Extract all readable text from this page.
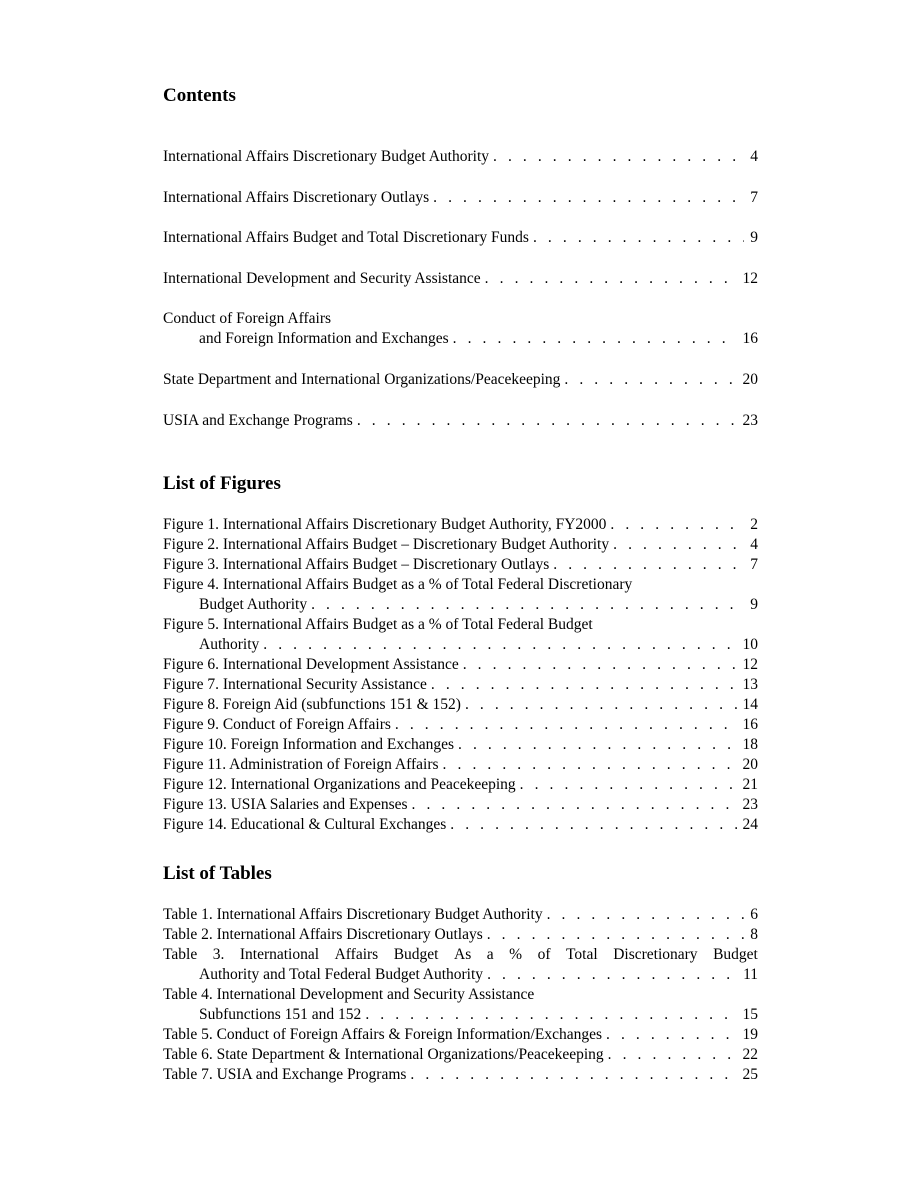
Contents
International Affairs Discretionary Budget Authority . . .	4
International Affairs Discretionary Outlays . . .	7
International Affairs Budget and Total Discretionary Funds . . .	9
International Development and Security Assistance . . .	12
Conduct of Foreign Affairs
and Foreign Information and Exchanges . . .	16
State Department and International Organizations/Peacekeeping . . .	20
USIA and Exchange Programs . . .	23
List of Figures
Figure 1. International Affairs Discretionary Budget Authority, FY2000 . . .	2
Figure 2. International Affairs Budget – Discretionary Budget Authority . . .	4
Figure 3. International Affairs Budget – Discretionary Outlays . . .	7
Figure 4. International Affairs Budget as a % of Total Federal Discretionary
Budget Authority . . .	9
Figure 5. International Affairs Budget as a % of Total Federal Budget
Authority . . .	10
Figure 6. International Development Assistance . . .	12
Figure 7. International Security Assistance . . .	13
Figure 8. Foreign Aid (subfunctions 151 & 152) . . .	14
Figure 9. Conduct of Foreign Affairs . . .	16
Figure 10. Foreign Information and Exchanges . . .	18
Figure 11. Administration of Foreign Affairs . . .	20
Figure 12. International Organizations and Peacekeeping . . .	21
Figure 13. USIA Salaries and Expenses . . .	23
Figure 14. Educational & Cultural Exchanges . . .	24
List of Tables
Table 1. International Affairs Discretionary Budget Authority . . .	6
Table 2. International Affairs Discretionary Outlays . . .	8
Table 3. International Affairs Budget As a % of Total Discretionary Budget
Authority and Total Federal Budget Authority . . .	11
Table 4. International Development and Security Assistance
Subfunctions 151 and 152 . . .	15
Table 5. Conduct of Foreign Affairs & Foreign Information/Exchanges . . .	19
Table 6. State Department & International Organizations/Peacekeeping . . .	22
Table 7. USIA and Exchange Programs . . .	25
